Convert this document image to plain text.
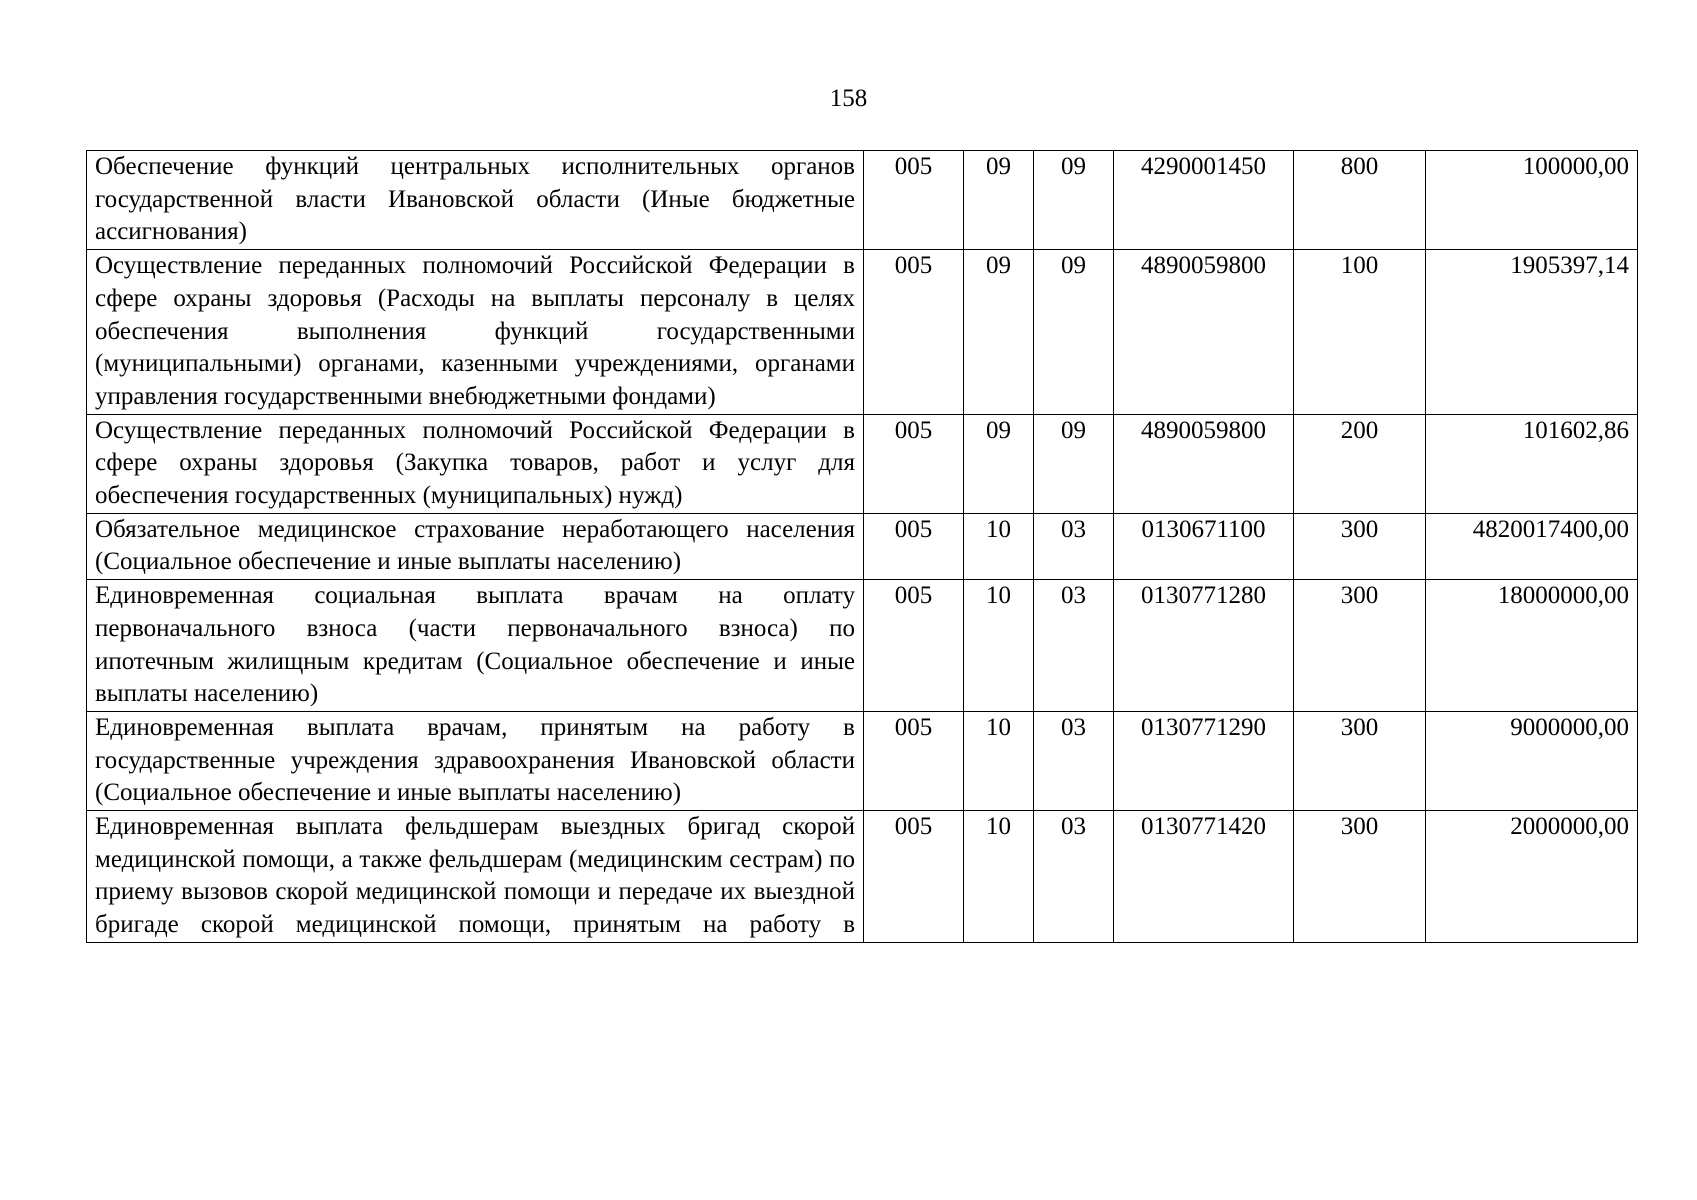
158
Обеспечение функций центральных исполнительных органов государственной власти Ивановской области (Иные бюджетные ассигнования)	005	09	09	4290001450	800	100000,00
Осуществление переданных полномочий Российской Федерации в сфере охраны здоровья (Расходы на выплаты персоналу в целях обеспечения выполнения функций государственными (муниципальными) органами, казенными учреждениями, органами управления государственными внебюджетными фондами)	005	09	09	4890059800	100	1905397,14
Осуществление переданных полномочий Российской Федерации в сфере охраны здоровья (Закупка товаров, работ и услуг для обеспечения государственных (муниципальных) нужд)	005	09	09	4890059800	200	101602,86
Обязательное медицинское страхование неработающего населения (Социальное обеспечение и иные выплаты населению)	005	10	03	0130671100	300	4820017400,00
Единовременная социальная выплата врачам на оплату первоначального взноса (части первоначального взноса) по ипотечным жилищным кредитам (Социальное обеспечение и иные выплаты населению)	005	10	03	0130771280	300	18000000,00
Единовременная выплата врачам, принятым на работу в государственные учреждения здравоохранения Ивановской области (Социальное обеспечение и иные выплаты населению)	005	10	03	0130771290	300	9000000,00
Единовременная выплата фельдшерам выездных бригад скорой медицинской помощи, а также фельдшерам (медицинским сестрам) по приему вызовов скорой медицинской помощи и передаче их выездной бригаде скорой медицинской помощи, принятым на работу в	005	10	03	0130771420	300	2000000,00
